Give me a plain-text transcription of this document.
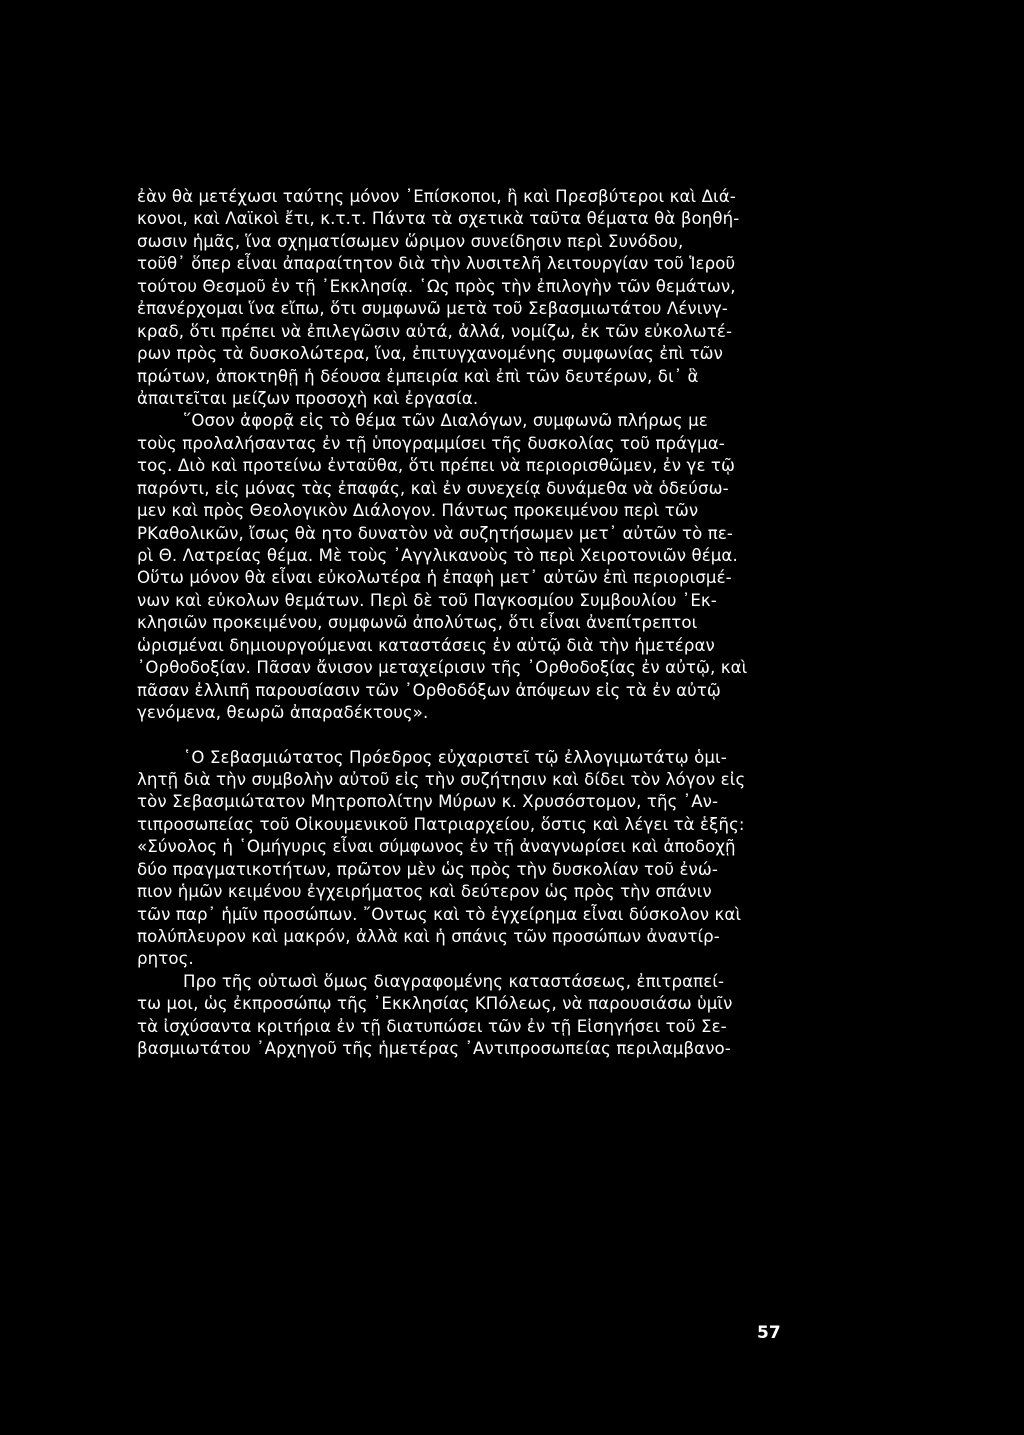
ἐὰν θὰ μετέχωσι ταύτης μόνον ᾿Επίσκοποι, ἢ καὶ Πρεσβύτεροι καὶ Διά-
κονοι, καὶ Λαϊκοὶ ἔτι, κ.τ.τ. Πάντα τὰ σχετικὰ ταῦτα θέματα θὰ βοηθή-
σωσιν ἡμᾶς, ἵνα σχηματίσωμεν ὥριμον συνείδησιν περὶ Συνόδου,
τοῦθ᾿ ὅπερ εἶναι ἀπαραίτητον διὰ τὴν λυσιτελῆ λειτουργίαν τοῦ Ἱεροῦ
τούτου Θεσμοῦ ἐν τῇ ᾿Εκκλησίᾳ. ῾Ως πρὸς τὴν ἐπιλογὴν τῶν θεμάτων,
ἐπανέρχομαι ἵνα εἴπω, ὅτι συμφωνῶ μετὰ τοῦ Σεβασμιωτάτου Λένινγ-
κραδ, ὅτι πρέπει νὰ ἐπιλεγῶσιν αὐτά, ἀλλά, νομίζω, ἐκ τῶν εὐκολωτέ-
ρων πρὸς τὰ δυσκολώτερα, ἵνα, ἐπιτυγχανομένης συμφωνίας ἐπὶ τῶν
πρώτων, ἀποκτηθῇ ἡ δέουσα ἐμπειρία καὶ ἐπὶ τῶν δευτέρων, δι᾿ ἃ
ἀπαιτεῖται μείζων προσοχὴ καὶ ἐργασία.
῞Οσον ἀφορᾷ εἰς τὸ θέμα τῶν Διαλόγων, συμφωνῶ πλήρως με
τοὺς προλαλήσαντας ἐν τῇ ὑπογραμμίσει τῆς δυσκολίας τοῦ πράγμα-
τος. Διὸ καὶ προτείνω ἐνταῦθα, ὅτι πρέπει νὰ περιορισθῶμεν, ἐν γε τῷ
παρόντι, εἰς μόνας τὰς ἐπαφάς, καὶ ἐν συνεχείᾳ δυνάμεθα νὰ ὁδεύσω-
μεν καὶ πρὸς Θεολογικὸν Διάλογον. Πάντως προκειμένου περὶ τῶν
ΡΚαθολικῶν, ἴσως θὰ ητο δυνατὸν νὰ συζητήσωμεν μετ᾿ αὐτῶν τὸ πε-
ρὶ Θ. Λατρείας θέμα. Μὲ τοὺς ᾿Αγγλικανοὺς τὸ περὶ Χειροτονιῶν θέμα.
Οὕτω μόνον θὰ εἶναι εὐκολωτέρα ἡ ἐπαφὴ μετ᾿ αὐτῶν ἐπὶ περιορισμέ-
νων καὶ εὐκολων θεμάτων. Περὶ δὲ τοῦ Παγκοσμίου Συμβουλίου ᾿Εκ-
κλησιῶν προκειμένου, συμφωνῶ ἀπολύτως, ὅτι εἶναι ἀνεπίτρεπτοι
ὡρισμέναι δημιουργούμεναι καταστάσεις ἐν αὐτῷ διὰ τὴν ἡμετέραν
᾿Ορθοδοξίαν. Πᾶσαν ἄνισον μεταχείρισιν τῆς ᾿Ορθοδοξίας ἐν αὐτῷ, καὶ
πᾶσαν ἐλλιπῆ παρουσίασιν τῶν ᾿Ορθοδόξων ἀπόψεων εἰς τὰ ἐν αὐτῷ
γενόμενα, θεωρῶ ἀπαραδέκτους».
῾Ο Σεβασμιώτατος Πρόεδρος εὐχαριστεῖ τῷ ἐλλογιμωτάτῳ ὁμι-
λητῇ διὰ τὴν συμβολὴν αὐτοῦ εἰς τὴν συζήτησιν καὶ δίδει τὸν λόγον εἰς
τὸν Σεβασμιώτατον Μητροπολίτην Μύρων κ. Χρυσόστομον, τῆς ᾿Αν-
τιπροσωπείας τοῦ Οἰκουμενικοῦ Πατριαρχείου, ὅστις καὶ λέγει τὰ ἑξῆς:
«Σύνολος ἡ ῾Ομήγυρις εἶναι σύμφωνος ἐν τῇ ἀναγνωρίσει καὶ ἀποδοχῇ
δύο πραγματικοτήτων, πρῶτον μὲν ὡς πρὸς τὴν δυσκολίαν τοῦ ἐνώ-
πιον ἡμῶν κειμένου ἐγχειρήματος καὶ δεύτερον ὡς πρὸς τὴν σπάνιν
τῶν παρ᾿ ἡμῖν προσώπων. ῎Οντως καὶ τὸ ἐγχείρημα εἶναι δύσκολον καὶ
πολύπλευρον καὶ μακρόν, ἀλλὰ καὶ ἡ σπάνις τῶν προσώπων ἀναντίρ-
ρητος.
Προ τῆς οὑτωσὶ ὅμως διαγραφομένης καταστάσεως, ἐπιτραπεί-
τω μοι, ὡς ἐκπροσώπῳ τῆς ᾿Εκκλησίας ΚΠόλεως, νὰ παρουσιάσω ὑμῖν
τὰ ἰσχύσαντα κριτήρια ἐν τῇ διατυπώσει τῶν ἐν τῇ Εἰσηγήσει τοῦ Σε-
βασμιωτάτου ᾿Αρχηγοῦ τῆς ἡμετέρας ᾿Αντιπροσωπείας περιλαμβανο-
57
